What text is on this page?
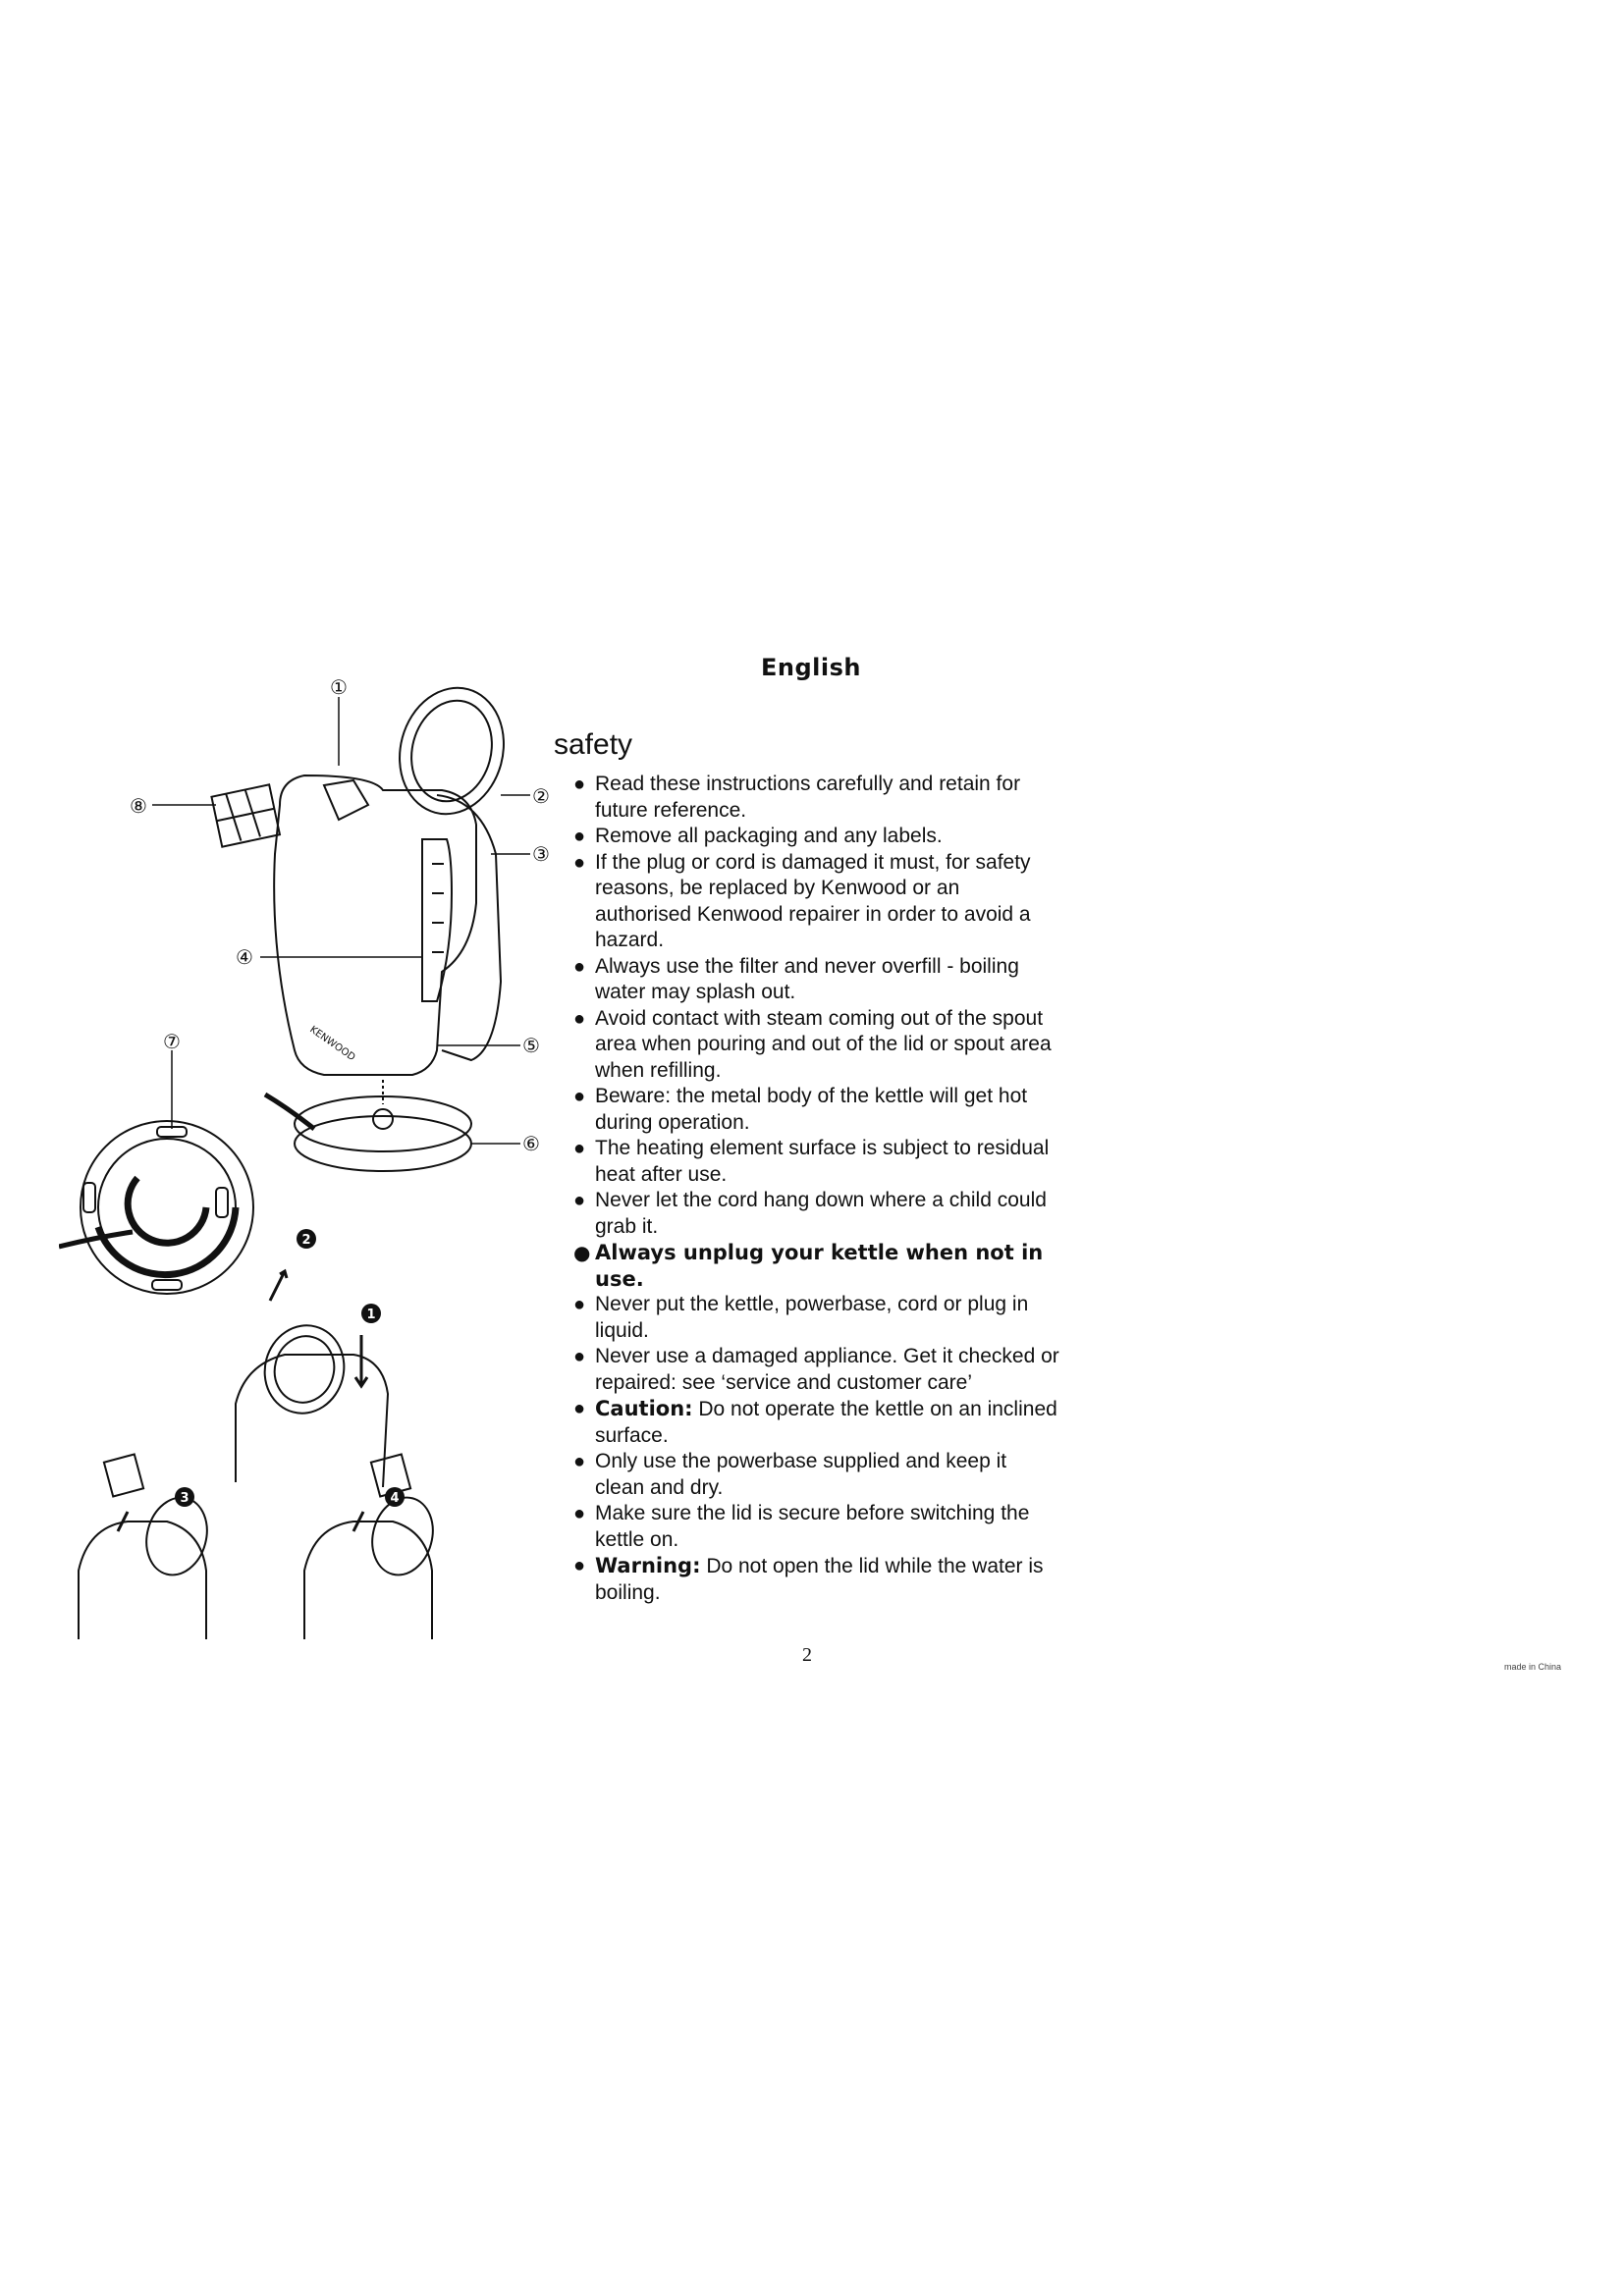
KENWOOD
①
②
③
④
⑤
⑥
⑦
⑧
1
2
3	4
English
safety
● Read these instructions carefully and retain for future reference.
● Remove all packaging and any labels.
● If the plug or cord is damaged it must, for safety reasons, be replaced by Kenwood or an authorised Kenwood repairer in order to avoid a hazard.
● Always use the filter and never overfill - boiling water may splash out.
● Avoid contact with steam coming out of the spout area when pouring and out of the lid or spout area when refilling.
● Beware: the metal body of the kettle will get hot during operation.
● The heating element surface is subject to residual heat after use.
● Never let the cord hang down where a child could grab it.
● Always unplug your kettle when not in use.
● Never put the kettle, powerbase, cord or plug in liquid.
● Never use a damaged appliance. Get it checked or repaired: see ‘service and customer care’
● Caution: Do not operate the kettle on an inclined surface.
● Only use the powerbase supplied and keep it clean and dry.
● Make sure the lid is secure before switching the kettle on.
● Warning: Do not open the lid while the water is boiling.
2
made in China
